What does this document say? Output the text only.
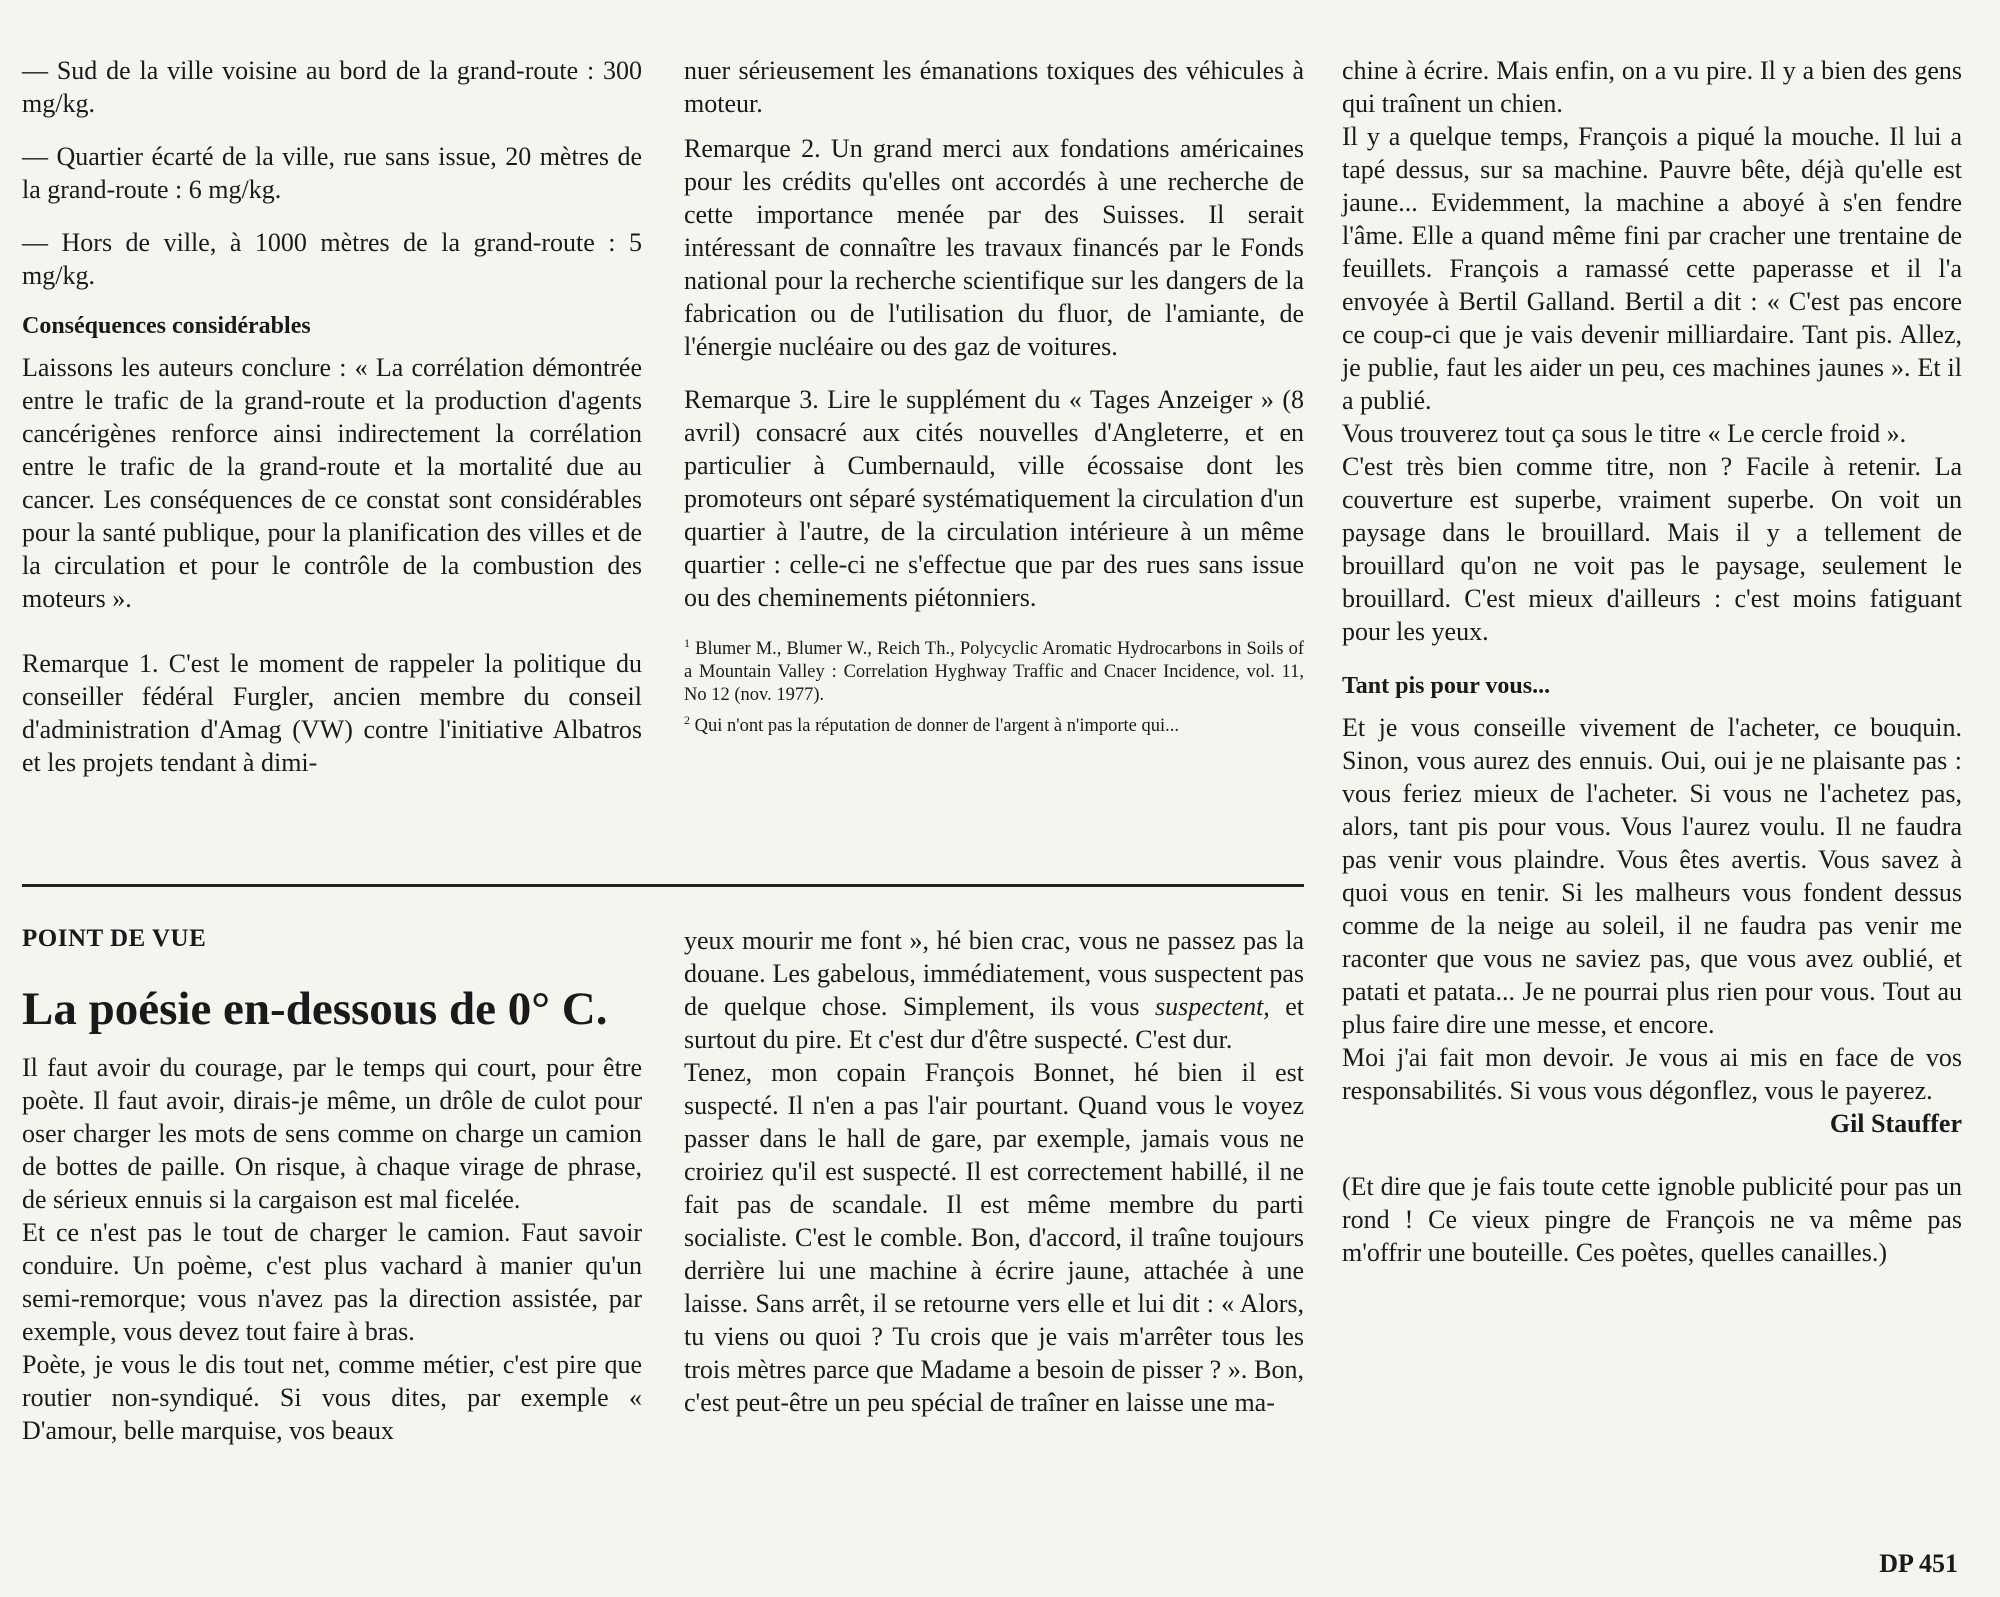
— Sud de la ville voisine au bord de la grand-route : 300 mg/kg.

— Quartier écarté de la ville, rue sans issue, 20 mètres de la grand-route : 6 mg/kg.

— Hors de ville, à 1000 mètres de la grand-route : 5 mg/kg.

Conséquences considérables

Laissons les auteurs conclure : « La corrélation démontrée entre le trafic de la grand-route et la production d'agents cancérigènes renforce ainsi indirectement la corrélation entre le trafic de la grand-route et la mortalité due au cancer. Les conséquences de ce constat sont considérables pour la santé publique, pour la planification des villes et de la circulation et pour le contrôle de la combustion des moteurs ».

Remarque 1. C'est le moment de rappeler la politique du conseiller fédéral Furgler, ancien membre du conseil d'administration d'Amag (VW) contre l'initiative Albatros et les projets tendant à dimi-

nuer sérieusement les émanations toxiques des véhicules à moteur.

Remarque 2. Un grand merci aux fondations américaines pour les crédits qu'elles ont accordés à une recherche de cette importance menée par des Suisses. Il serait intéressant de connaître les travaux financés par le Fonds national pour la recherche scientifique sur les dangers de la fabrication ou de l'utilisation du fluor, de l'amiante, de l'énergie nucléaire ou des gaz de voitures.

Remarque 3. Lire le supplément du « Tages Anzeiger » (8 avril) consacré aux cités nouvelles d'Angleterre, et en particulier à Cumbernauld, ville écossaise dont les promoteurs ont séparé systématiquement la circulation d'un quartier à l'autre, de la circulation intérieure à un même quartier : celle-ci ne s'effectue que par des rues sans issue ou des cheminements piétonniers.

$^1$ Blumer M., Blumer W., Reich Th., Polycyclic Aromatic Hydrocarbons in Soils of a Mountain Valley : Correlation Hyghway Traffic and Cnacer Incidence, vol. 11, No 12 (nov. 1977).

$^2$ Qui n'ont pas la réputation de donner de l'argent à n'importe qui...

POINT DE VUE

La poésie en-dessous de 0° C.

Il faut avoir du courage, par le temps qui court, pour être poète. Il faut avoir, dirais-je même, un drôle de culot pour oser charger les mots de sens comme on charge un camion de bottes de paille. On risque, à chaque virage de phrase, de sérieux ennuis si la cargaison est mal ficelée.

Et ce n'est pas le tout de charger le camion. Faut savoir conduire. Un poème, c'est plus vachard à manier qu'un semi-remorque; vous n'avez pas la direction assistée, par exemple, vous devez tout faire à bras.

Poète, je vous le dis tout net, comme métier, c'est pire que routier non-syndiqué. Si vous dites, par exemple « D'amour, belle marquise, vos beaux

yeux mourir me font », hé bien crac, vous ne passez pas la douane. Les gabelous, immédiatement, vous suspectent pas de quelque chose. Simplement, ils vous suspectent, et surtout du pire. Et c'est dur d'être suspecté. C'est dur.

Tenez, mon copain François Bonnet, hé bien il est suspecté. Il n'en a pas l'air pourtant. Quand vous le voyez passer dans le hall de gare, par exemple, jamais vous ne croiriez qu'il est suspecté. Il est correctement habillé, il ne fait pas de scandale. Il est même membre du parti socialiste. C'est le comble. Bon, d'accord, il traîne toujours derrière lui une machine à écrire jaune, attachée à une laisse. Sans arrêt, il se retourne vers elle et lui dit : « Alors, tu viens ou quoi ? Tu crois que je vais m'arrêter tous les trois mètres parce que Madame a besoin de pisser ? ». Bon, c'est peut-être un peu spécial de traîner en laisse une ma-

chine à écrire. Mais enfin, on a vu pire. Il y a bien des gens qui traînent un chien.

Il y a quelque temps, François a piqué la mouche. Il lui a tapé dessus, sur sa machine. Pauvre bête, déjà qu'elle est jaune... Evidemment, la machine a aboyé à s'en fendre l'âme. Elle a quand même fini par cracher une trentaine de feuillets. François a ramassé cette paperasse et il l'a envoyée à Bertil Galland. Bertil a dit : « C'est pas encore ce coup-ci que je vais devenir milliardaire. Tant pis. Allez, je publie, faut les aider un peu, ces machines jaunes ». Et il a publié.

Vous trouverez tout ça sous le titre « Le cercle froid ».

C'est très bien comme titre, non ? Facile à retenir. La couverture est superbe, vraiment superbe. On voit un paysage dans le brouillard. Mais il y a tellement de brouillard qu'on ne voit pas le paysage, seulement le brouillard. C'est mieux d'ailleurs : c'est moins fatiguant pour les yeux.

Tant pis pour vous...

Et je vous conseille vivement de l'acheter, ce bouquin. Sinon, vous aurez des ennuis. Oui, oui je ne plaisante pas : vous feriez mieux de l'acheter. Si vous ne l'achetez pas, alors, tant pis pour vous. Vous l'aurez voulu. Il ne faudra pas venir vous plaindre. Vous êtes avertis. Vous savez à quoi vous en tenir. Si les malheurs vous fondent dessus comme de la neige au soleil, il ne faudra pas venir me raconter que vous ne saviez pas, que vous avez oublié, et patati et patata... Je ne pourrai plus rien pour vous. Tout au plus faire dire une messe, et encore.

Moi j'ai fait mon devoir. Je vous ai mis en face de vos responsabilités. Si vous vous dégonflez, vous le payerez.

Gil Stauffer

(Et dire que je fais toute cette ignoble publicité pour pas un rond ! Ce vieux pingre de François ne va même pas m'offrir une bouteille. Ces poètes, quelles canailles.)

DP 451
